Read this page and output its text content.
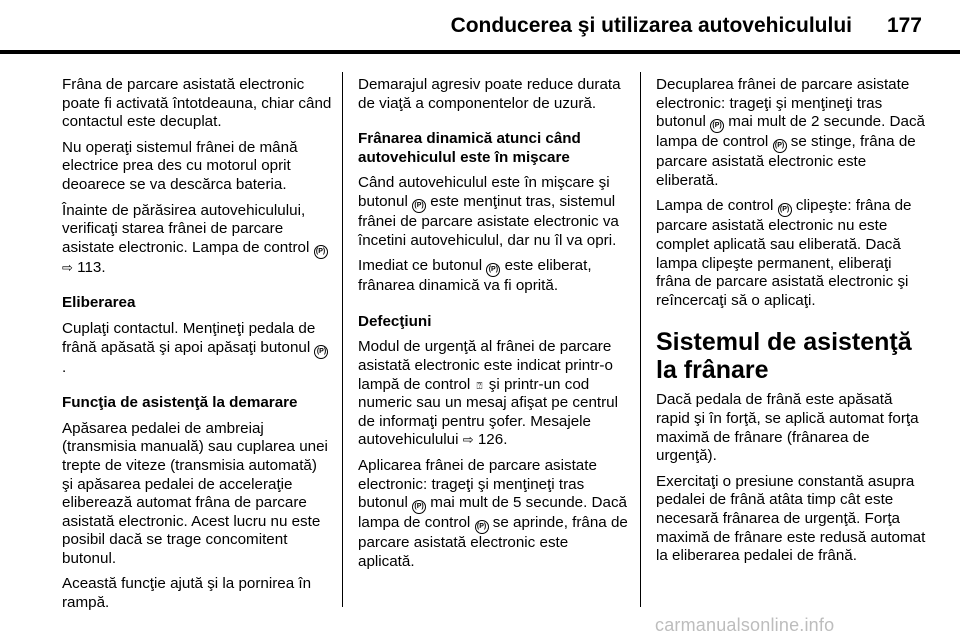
Conducerea şi utilizarea autovehiculului 177

Frâna de parcare asistată electronic poate fi activată întotdeauna, chiar când contactul este decuplat.

Nu operaţi sistemul frânei de mână electrice prea des cu motorul oprit deoarece se va descărca bateria.

Înainte de părăsirea autovehiculului, verificaţi starea frânei de parcare asistate electronic. Lampa de control (P) ⇨ 113.

Eliberarea

Cuplaţi contactul. Menţineţi pedala de frână apăsată şi apoi apăsaţi butonul (P).

Funcţia de asistenţă la demarare

Apăsarea pedalei de ambreiaj (transmisia manuală) sau cuplarea unei trepte de viteze (transmisia automată) şi apăsarea pedalei de acceleraţie eliberează automat frâna de parcare asistată electronic. Acest lucru nu este posibil dacă se trage concomitent butonul.

Această funcţie ajută şi la pornirea în rampă.

Demarajul agresiv poate reduce durata de viaţă a componentelor de uzură.

Frânarea dinamică atunci când autovehiculul este în mişcare

Când autovehiculul este în mişcare şi butonul (P) este menţinut tras, sistemul frânei de parcare asistate electronic va încetini autovehiculul, dar nu îl va opri.

Imediat ce butonul (P) este eliberat, frânarea dinamică va fi oprită.

Defecţiuni

Modul de urgenţă al frânei de parcare asistată electronic este indicat printr-o lampă de control ⍰ şi printr-un cod numeric sau un mesaj afişat pe centrul de informaţi pentru şofer. Mesajele autovehiculului ⇨ 126.

Aplicarea frânei de parcare asistate electronic: trageţi şi menţineţi tras butonul (P) mai mult de 5 secunde. Dacă lampa de control (P) se aprinde, frâna de parcare asistată electronic este aplicată.

Decuplarea frânei de parcare asistate electronic: trageţi şi menţineţi tras butonul (P) mai mult de 2 secunde. Dacă lampa de control (P) se stinge, frâna de parcare asistată electronic este eliberată.

Lampa de control (P) clipeşte: frâna de parcare asistată electronic nu este complet aplicată sau eliberată. Dacă lampa clipeşte permanent, eliberaţi frâna de parcare asistată electronic şi reîncercaţi să o aplicaţi.

Sistemul de asistenţă la frânare

Dacă pedala de frână este apăsată rapid şi în forţă, se aplică automat forţa maximă de frânare (frânarea de urgenţă).

Exercitaţi o presiune constantă asupra pedalei de frână atâta timp cât este necesară frânarea de urgenţă. Forţa maximă de frânare este redusă automat la eliberarea pedalei de frână.

carmanualsonline.info
